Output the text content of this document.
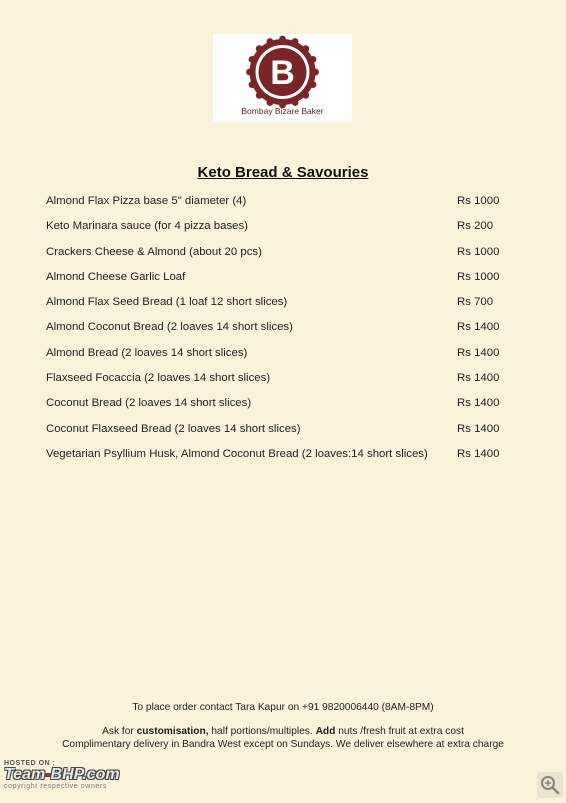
B
Bombay Bizare Baker
Keto Bread & Savouries
Almond Flax Pizza base 5" diameter (4)	Rs 1000
Keto Marinara sauce (for 4 pizza bases)	Rs 200
Crackers Cheese & Almond (about 20 pcs)	Rs 1000
Almond Cheese Garlic Loaf	Rs 1000
Almond Flax Seed Bread (1 loaf 12 short slices)	Rs 700
Almond Coconut Bread (2 loaves 14 short slices)	Rs 1400
Almond Bread (2 loaves 14 short slices)	Rs 1400
Flaxseed Focaccia (2 loaves 14 short slices)	Rs 1400
Coconut Bread (2 loaves 14 short slices)	Rs 1400
Coconut Flaxseed Bread (2 loaves 14 short slices)	Rs 1400
Vegetarian Psyllium Husk, Almond Coconut Bread (2 loaves:14 short slices)	Rs 1400
To place order contact Tara Kapur on +91 9820006440 (8AM-8PM)
Ask for customisation, half portions/multiples. Add nuts /fresh fruit at extra cost
Complimentary delivery in Bandra West except on Sundays. We deliver elsewhere at extra charge
HOSTED ON :
Team-BHP.com
copyright respective owners
